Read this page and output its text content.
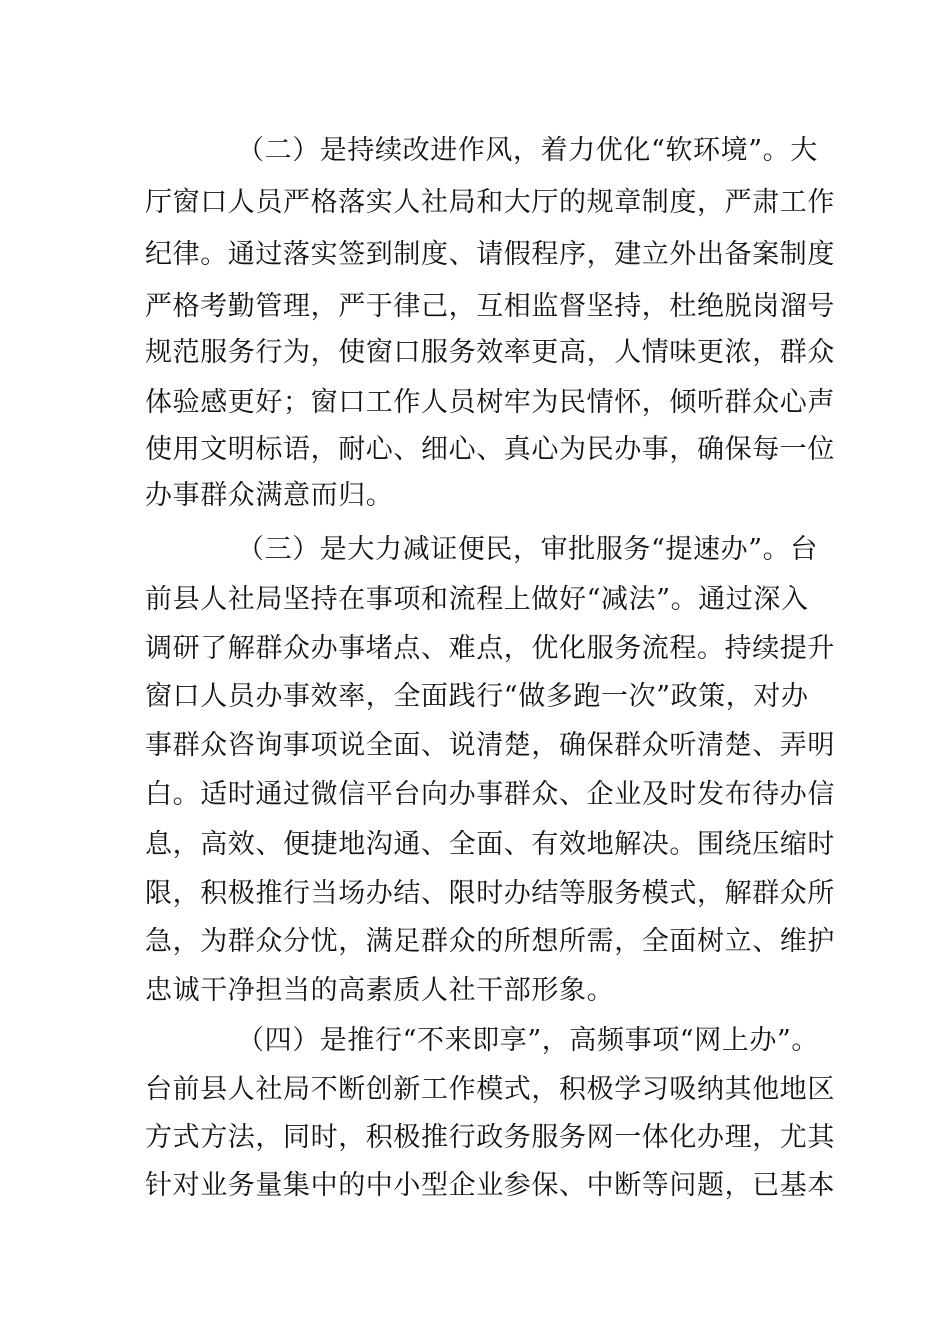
（二）是持续改进作风，着力优化“软环境”。大
厅窗口人员严格落实人社局和大厅的规章制度，严肃工作
纪律。通过落实签到制度、请假程序，建立外出备案制度
严格考勤管理，严于律己，互相监督坚持，杜绝脱岗溜号
规范服务行为，使窗口服务效率更高，人情味更浓，群众
体验感更好；窗口工作人员树牢为民情怀，倾听群众心声
使用文明标语，耐心、细心、真心为民办事，确保每一位
办事群众满意而归。
（三）是大力减证便民，审批服务“提速办”。台
前县人社局坚持在事项和流程上做好“减法”。通过深入
调研了解群众办事堵点、难点，优化服务流程。持续提升
窗口人员办事效率，全面践行“做多跑一次”政策，对办
事群众咨询事项说全面、说清楚，确保群众听清楚、弄明
白。适时通过微信平台向办事群众、企业及时发布待办信
息，高效、便捷地沟通、全面、有效地解决。围绕压缩时
限，积极推行当场办结、限时办结等服务模式，解群众所
急，为群众分忧，满足群众的所想所需，全面树立、维护
忠诚干净担当的高素质人社干部形象。
（四）是推行“不来即享”，高频事项“网上办”。
台前县人社局不断创新工作模式，积极学习吸纳其他地区
方式方法，同时，积极推行政务服务网一体化办理，尤其
针对业务量集中的中小型企业参保、中断等问题，已基本
